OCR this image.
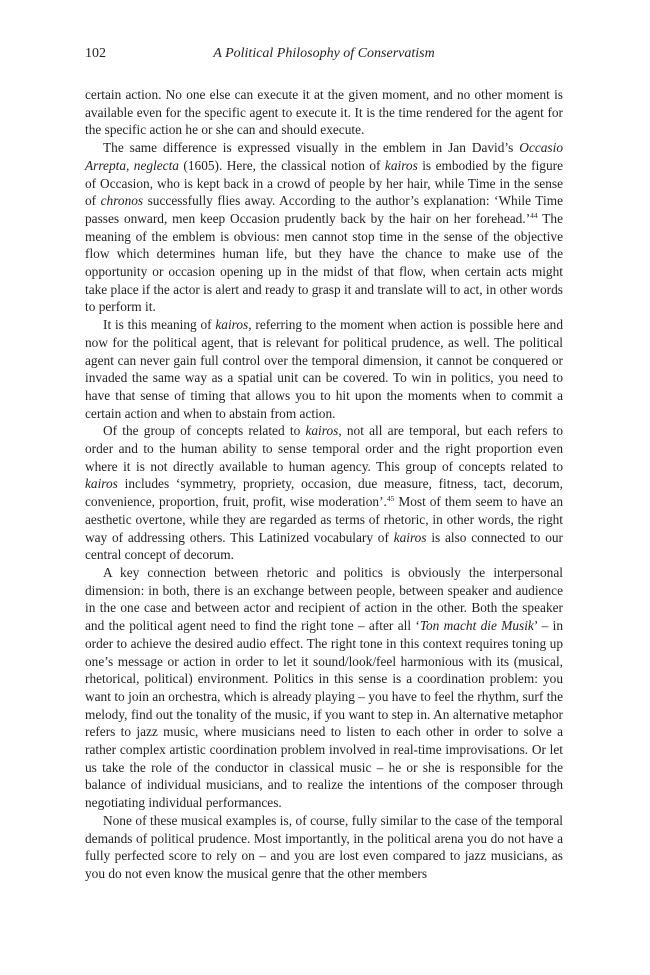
102	A Political Philosophy of Conservatism

certain action. No one else can execute it at the given moment, and no other moment is available even for the specific agent to execute it. It is the time rendered for the agent for the specific action he or she can and should execute.

The same difference is expressed visually in the emblem in Jan David’s Occasio Arrepta, neglecta (1605). Here, the classical notion of kairos is embodied by the figure of Occasion, who is kept back in a crowd of people by her hair, while Time in the sense of chronos successfully flies away. According to the author’s explanation: ‘While Time passes onward, men keep Occasion prudently back by the hair on her forehead.’$^{44}$ The meaning of the emblem is obvious: men cannot stop time in the sense of the objective flow which determines human life, but they have the chance to make use of the opportunity or occasion opening up in the midst of that flow, when certain acts might take place if the actor is alert and ready to grasp it and translate will to act, in other words to perform it.

It is this meaning of kairos, referring to the moment when action is possible here and now for the political agent, that is relevant for political prudence, as well. The political agent can never gain full control over the temporal dimension, it cannot be conquered or invaded the same way as a spatial unit can be covered. To win in politics, you need to have that sense of timing that allows you to hit upon the moments when to commit a certain action and when to abstain from action.

Of the group of concepts related to kairos, not all are temporal, but each refers to order and to the human ability to sense temporal order and the right proportion even where it is not directly available to human agency. This group of concepts related to kairos includes ‘symmetry, propriety, occasion, due measure, fitness, tact, decorum, convenience, proportion, fruit, profit, wise moderation’.$^{45}$ Most of them seem to have an aesthetic overtone, while they are regarded as terms of rhetoric, in other words, the right way of addressing others. This Latinized vocabulary of kairos is also connected to our central concept of decorum.

A key connection between rhetoric and politics is obviously the interpersonal dimension: in both, there is an exchange between people, between speaker and audience in the one case and between actor and recipient of action in the other. Both the speaker and the political agent need to find the right tone – after all ‘Ton macht die Musik’ – in order to achieve the desired audio effect. The right tone in this context requires toning up one’s message or action in order to let it sound/look/feel harmonious with its (musical, rhetorical, political) environment. Politics in this sense is a coordination problem: you want to join an orchestra, which is already playing – you have to feel the rhythm, surf the melody, find out the tonality of the music, if you want to step in. An alternative metaphor refers to jazz music, where musicians need to listen to each other in order to solve a rather complex artistic coordination problem involved in real-time improvisations. Or let us take the role of the conductor in classical music – he or she is responsible for the balance of individual musicians, and to realize the intentions of the composer through negotiating individual performances.

None of these musical examples is, of course, fully similar to the case of the temporal demands of political prudence. Most importantly, in the political arena you do not have a fully perfected score to rely on – and you are lost even compared to jazz musicians, as you do not even know the musical genre that the other members
